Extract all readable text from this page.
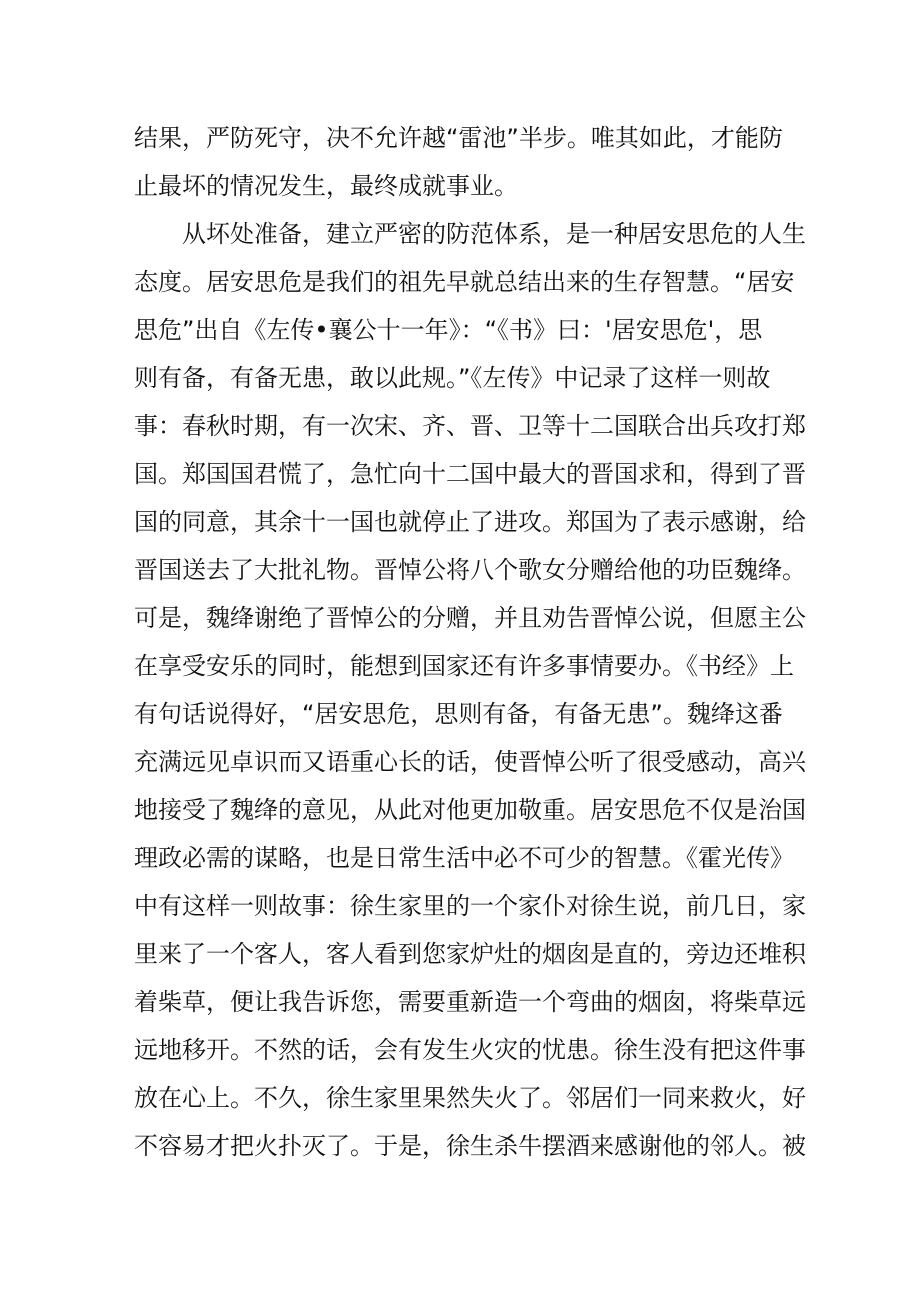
结果，严防死守，决不允许越“雷池”半步。唯其如此，才能防
止最坏的情况发生，最终成就事业。
从坏处准备，建立严密的防范体系，是一种居安思危的人生
态度。居安思危是我们的祖先早就总结出来的生存智慧。“居安
思危”出自《左传•襄公十一年》：“《书》曰：'居安思危'，思
则有备，有备无患，敢以此规。”《左传》中记录了这样一则故
事：春秋时期，有一次宋、齐、晋、卫等十二国联合出兵攻打郑
国。郑国国君慌了，急忙向十二国中最大的晋国求和，得到了晋
国的同意，其余十一国也就停止了进攻。郑国为了表示感谢，给
晋国送去了大批礼物。晋悼公将八个歌女分赠给他的功臣魏绛。
可是，魏绛谢绝了晋悼公的分赠，并且劝告晋悼公说，但愿主公
在享受安乐的同时，能想到国家还有许多事情要办。《书经》上
有句话说得好，“居安思危，思则有备，有备无患”。魏绛这番
充满远见卓识而又语重心长的话，使晋悼公听了很受感动，高兴
地接受了魏绛的意见，从此对他更加敬重。居安思危不仅是治国
理政必需的谋略，也是日常生活中必不可少的智慧。《霍光传》
中有这样一则故事：徐生家里的一个家仆对徐生说，前几日，家
里来了一个客人，客人看到您家炉灶的烟囱是直的，旁边还堆积
着柴草，便让我告诉您，需要重新造一个弯曲的烟囱，将柴草远
远地移开。不然的话，会有发生火灾的忧患。徐生没有把这件事
放在心上。不久，徐生家里果然失火了。邻居们一同来救火，好
不容易才把火扑灭了。于是，徐生杀牛摆酒来感谢他的邻人。被
